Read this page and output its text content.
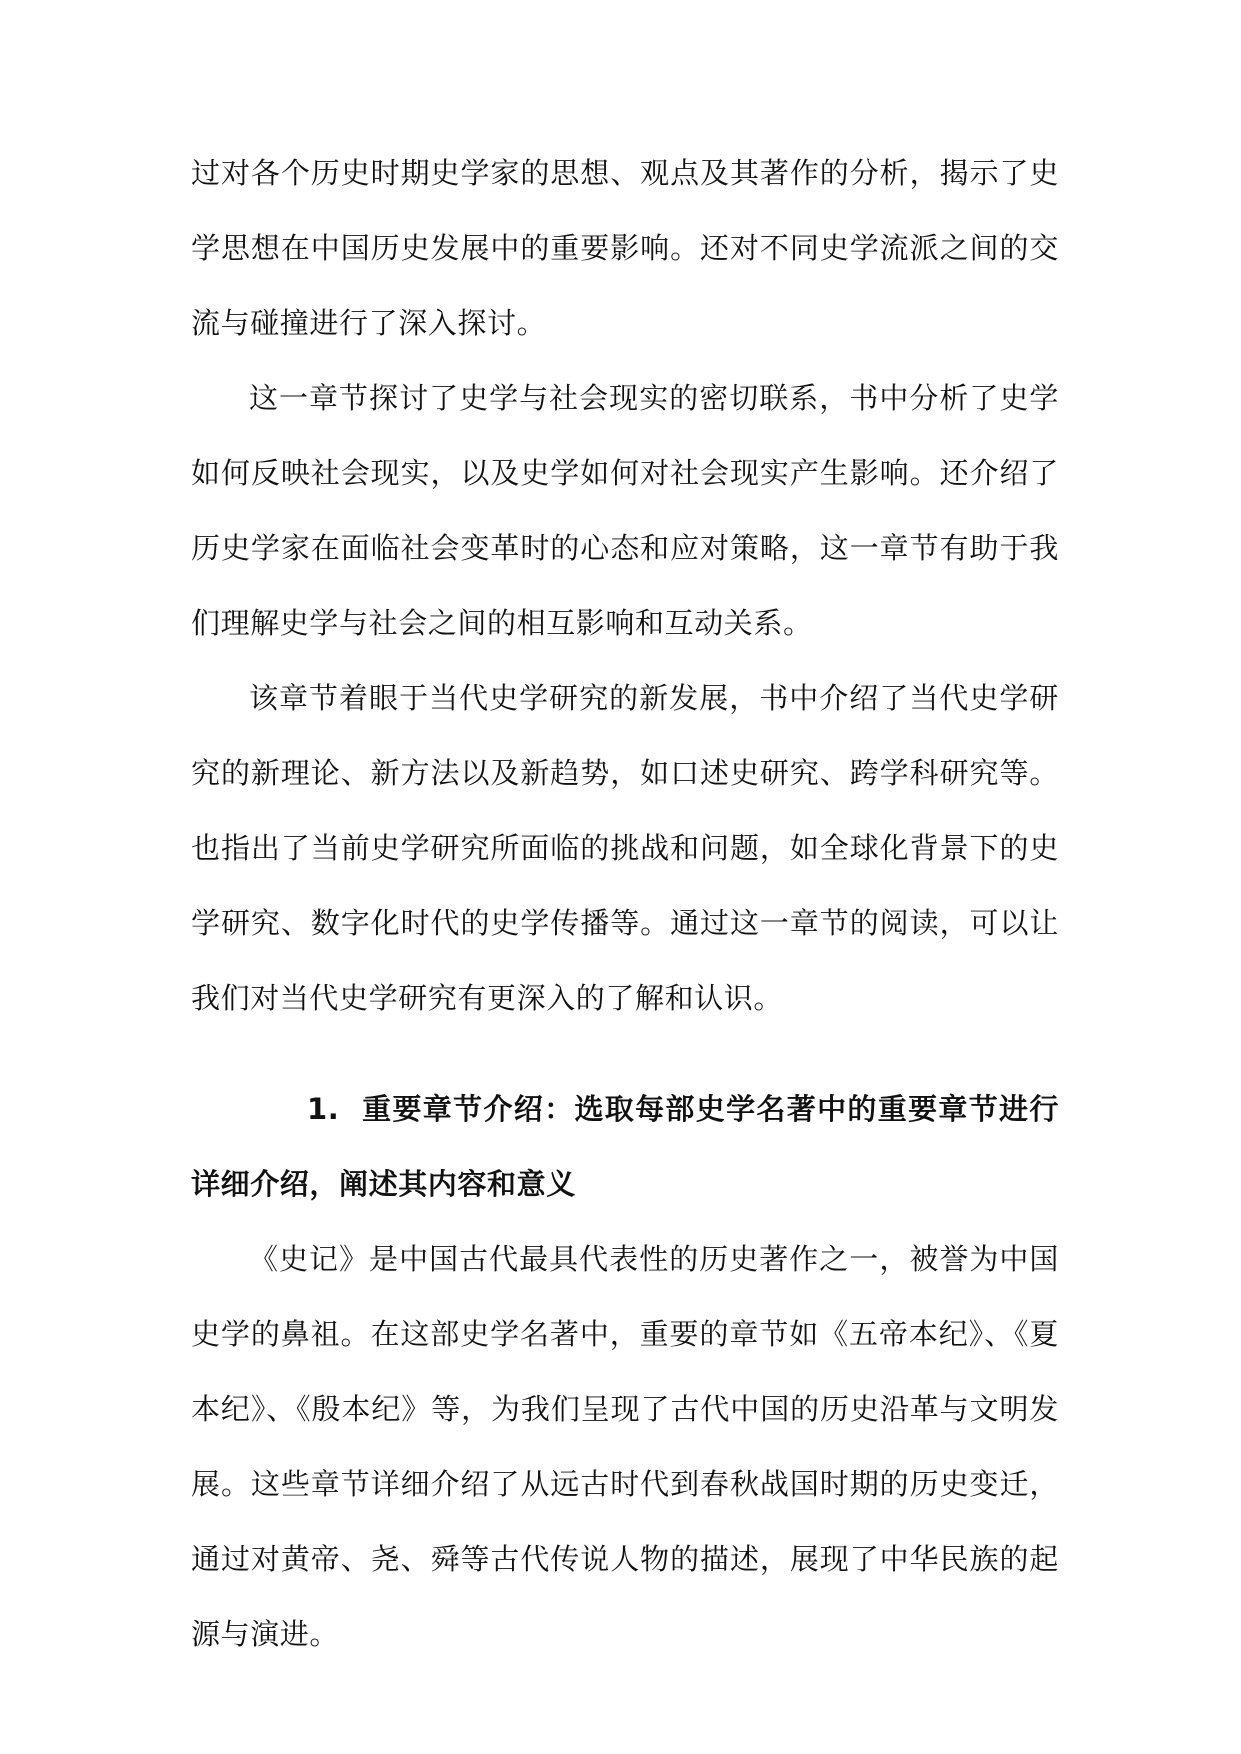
过对各个历史时期史学家的思想、观点及其著作的分析，揭示了史学思想在中国历史发展中的重要影响。还对不同史学流派之间的交流与碰撞进行了深入探讨。

这一章节探讨了史学与社会现实的密切联系，书中分析了史学如何反映社会现实，以及史学如何对社会现实产生影响。还介绍了历史学家在面临社会变革时的心态和应对策略，这一章节有助于我们理解史学与社会之间的相互影响和互动关系。

该章节着眼于当代史学研究的新发展，书中介绍了当代史学研究的新理论、新方法以及新趋势，如口述史研究、跨学科研究等。也指出了当前史学研究所面临的挑战和问题，如全球化背景下的史学研究、数字化时代的史学传播等。通过这一章节的阅读，可以让我们对当代史学研究有更深入的了解和认识。

1. 重要章节介绍：选取每部史学名著中的重要章节进行详细介绍，阐述其内容和意义

《史记》是中国古代最具代表性的历史著作之一，被誉为中国史学的鼻祖。在这部史学名著中，重要的章节如《五帝本纪》、《夏本纪》、《殷本纪》等，为我们呈现了古代中国的历史沿革与文明发展。这些章节详细介绍了从远古时代到春秋战国时期的历史变迁，通过对黄帝、尧、舜等古代传说人物的描述，展现了中华民族的起源与演进。
